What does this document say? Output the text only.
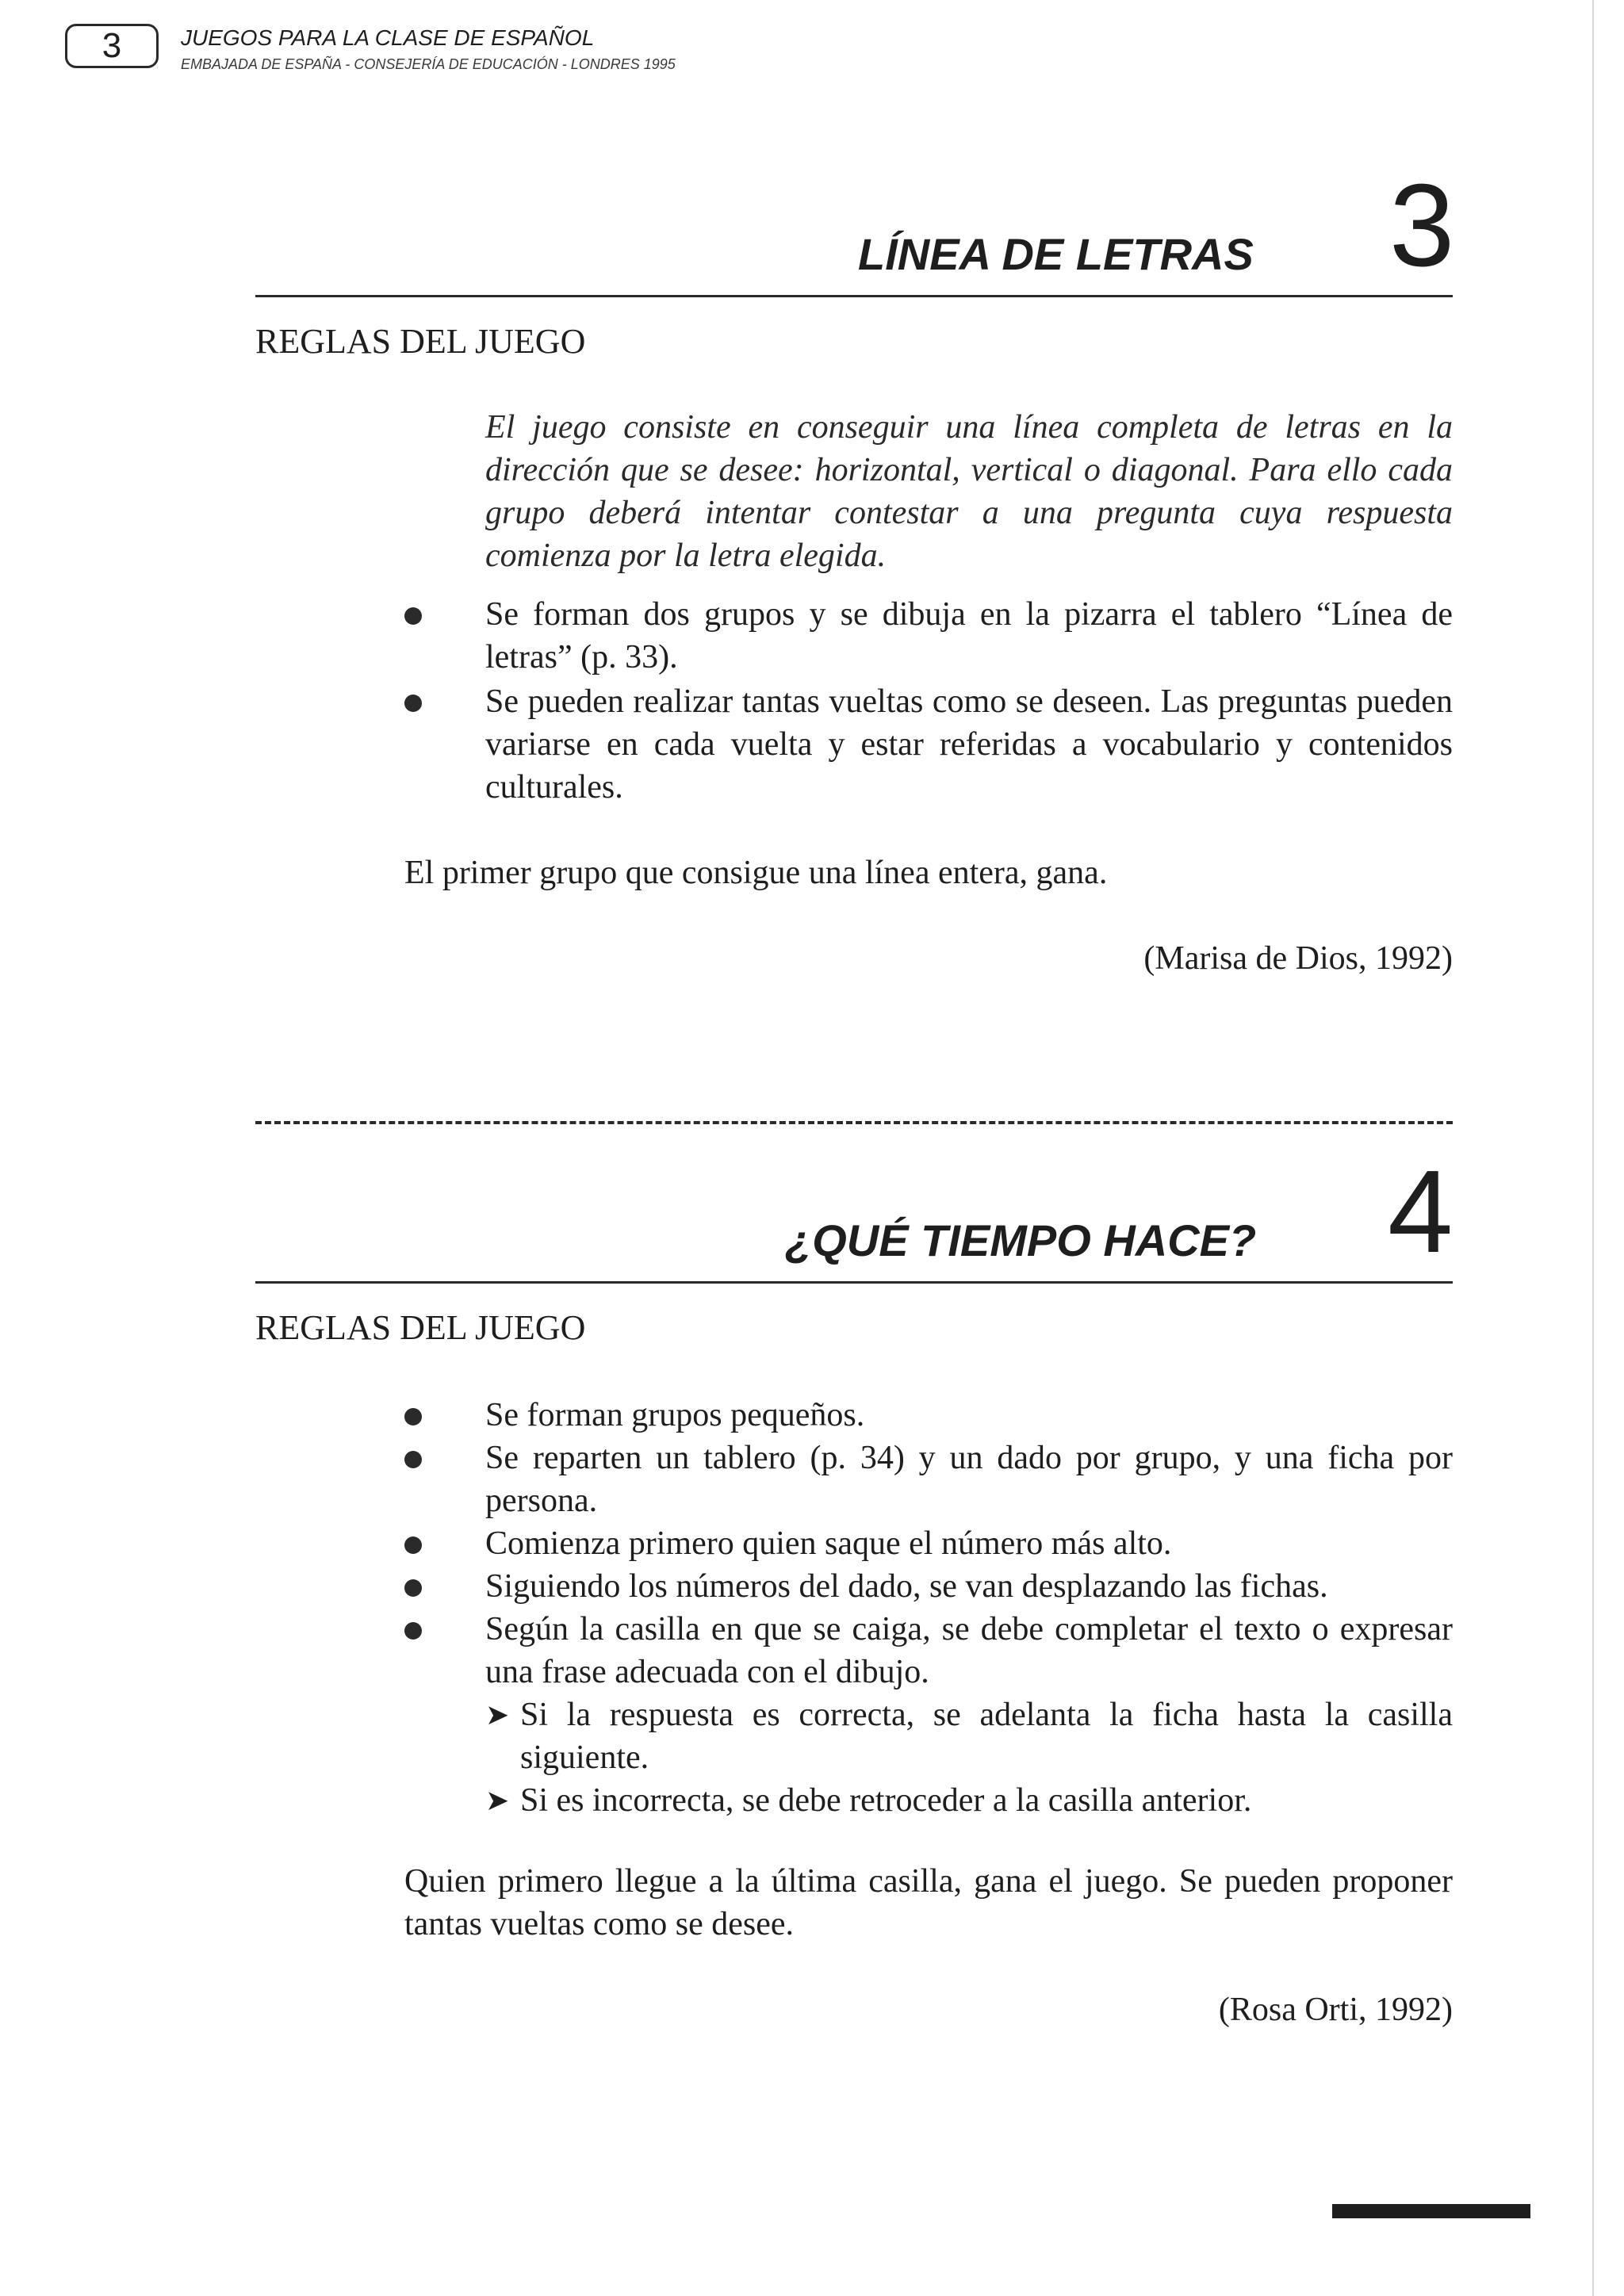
3	JUEGOS PARA LA CLASE DE ESPAÑOL
EMBAJADA DE ESPAÑA - CONSEJERÍA DE EDUCACIÓN - LONDRES 1995
LÍNEA DE LETRAS 3
REGLAS DEL JUEGO

El juego consiste en conseguir una línea completa de letras en la dirección que se desee: horizontal, vertical o diagonal. Para ello cada grupo deberá intentar contestar a una pregunta cuya respuesta comienza por la letra elegida.

Se forman dos grupos y se dibuja en la pizarra el tablero “Línea de letras” (p. 33).
Se pueden realizar tantas vueltas como se deseen. Las preguntas pueden variarse en cada vuelta y estar referidas a vocabulario y contenidos culturales.

El primer grupo que consigue una línea entera, gana.

(Marisa de Dios, 1992)
¿QUÉ TIEMPO HACE? 4
REGLAS DEL JUEGO
Se forman grupos pequeños.
Se reparten un tablero (p. 34) y un dado por grupo, y una ficha por persona.
Comienza primero quien saque el número más alto.
Siguiendo los números del dado, se van desplazando las fichas.
Según la casilla en que se caiga, se debe completar el texto o expresar una frase adecuada con el dibujo.
➤ Si la respuesta es correcta, se adelanta la ficha hasta la casilla siguiente.
➤ Si es incorrecta, se debe retroceder a la casilla anterior.

Quien primero llegue a la última casilla, gana el juego. Se pueden proponer tantas vueltas como se desee.

(Rosa Orti, 1992)
